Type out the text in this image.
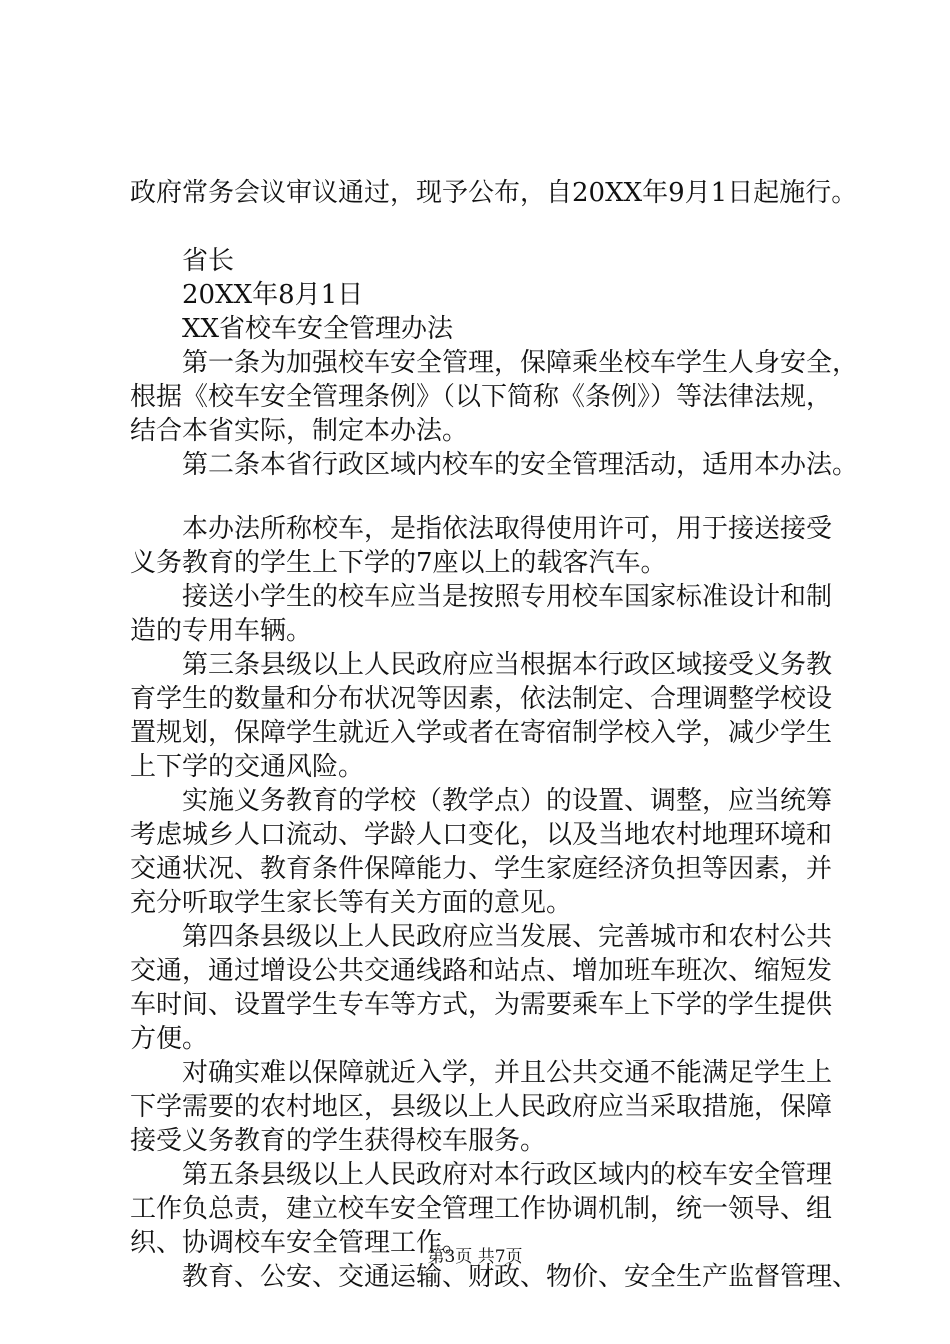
政府常务会议审议通过，现予公布，自20XX年9月1日起施行。

省长

20XX年8月1日

XX省校车安全管理办法

第一条为加强校车安全管理，保障乘坐校车学生人身安全，

根据《校车安全管理条例》（以下简称《条例》）等法律法规，

结合本省实际，制定本办法。

第二条本省行政区域内校车的安全管理活动，适用本办法。

本办法所称校车，是指依法取得使用许可，用于接送接受

义务教育的学生上下学的7座以上的载客汽车。

接送小学生的校车应当是按照专用校车国家标准设计和制

造的专用车辆。

第三条县级以上人民政府应当根据本行政区域接受义务教

育学生的数量和分布状况等因素，依法制定、合理调整学校设

置规划，保障学生就近入学或者在寄宿制学校入学，减少学生

上下学的交通风险。

实施义务教育的学校（教学点）的设置、调整，应当统筹

考虑城乡人口流动、学龄人口变化，以及当地农村地理环境和

交通状况、教育条件保障能力、学生家庭经济负担等因素，并

充分听取学生家长等有关方面的意见。

第四条县级以上人民政府应当发展、完善城市和农村公共

交通，通过增设公共交通线路和站点、增加班车班次、缩短发

车时间、设置学生专车等方式，为需要乘车上下学的学生提供

方便。

对确实难以保障就近入学，并且公共交通不能满足学生上

下学需要的农村地区，县级以上人民政府应当采取措施，保障

接受义务教育的学生获得校车服务。

第五条县级以上人民政府对本行政区域内的校车安全管理

工作负总责，建立校车安全管理工作协调机制，统一领导、组

织、协调校车安全管理工作。

教育、公安、交通运输、财政、物价、安全生产监督管理、

第3页 共7页
